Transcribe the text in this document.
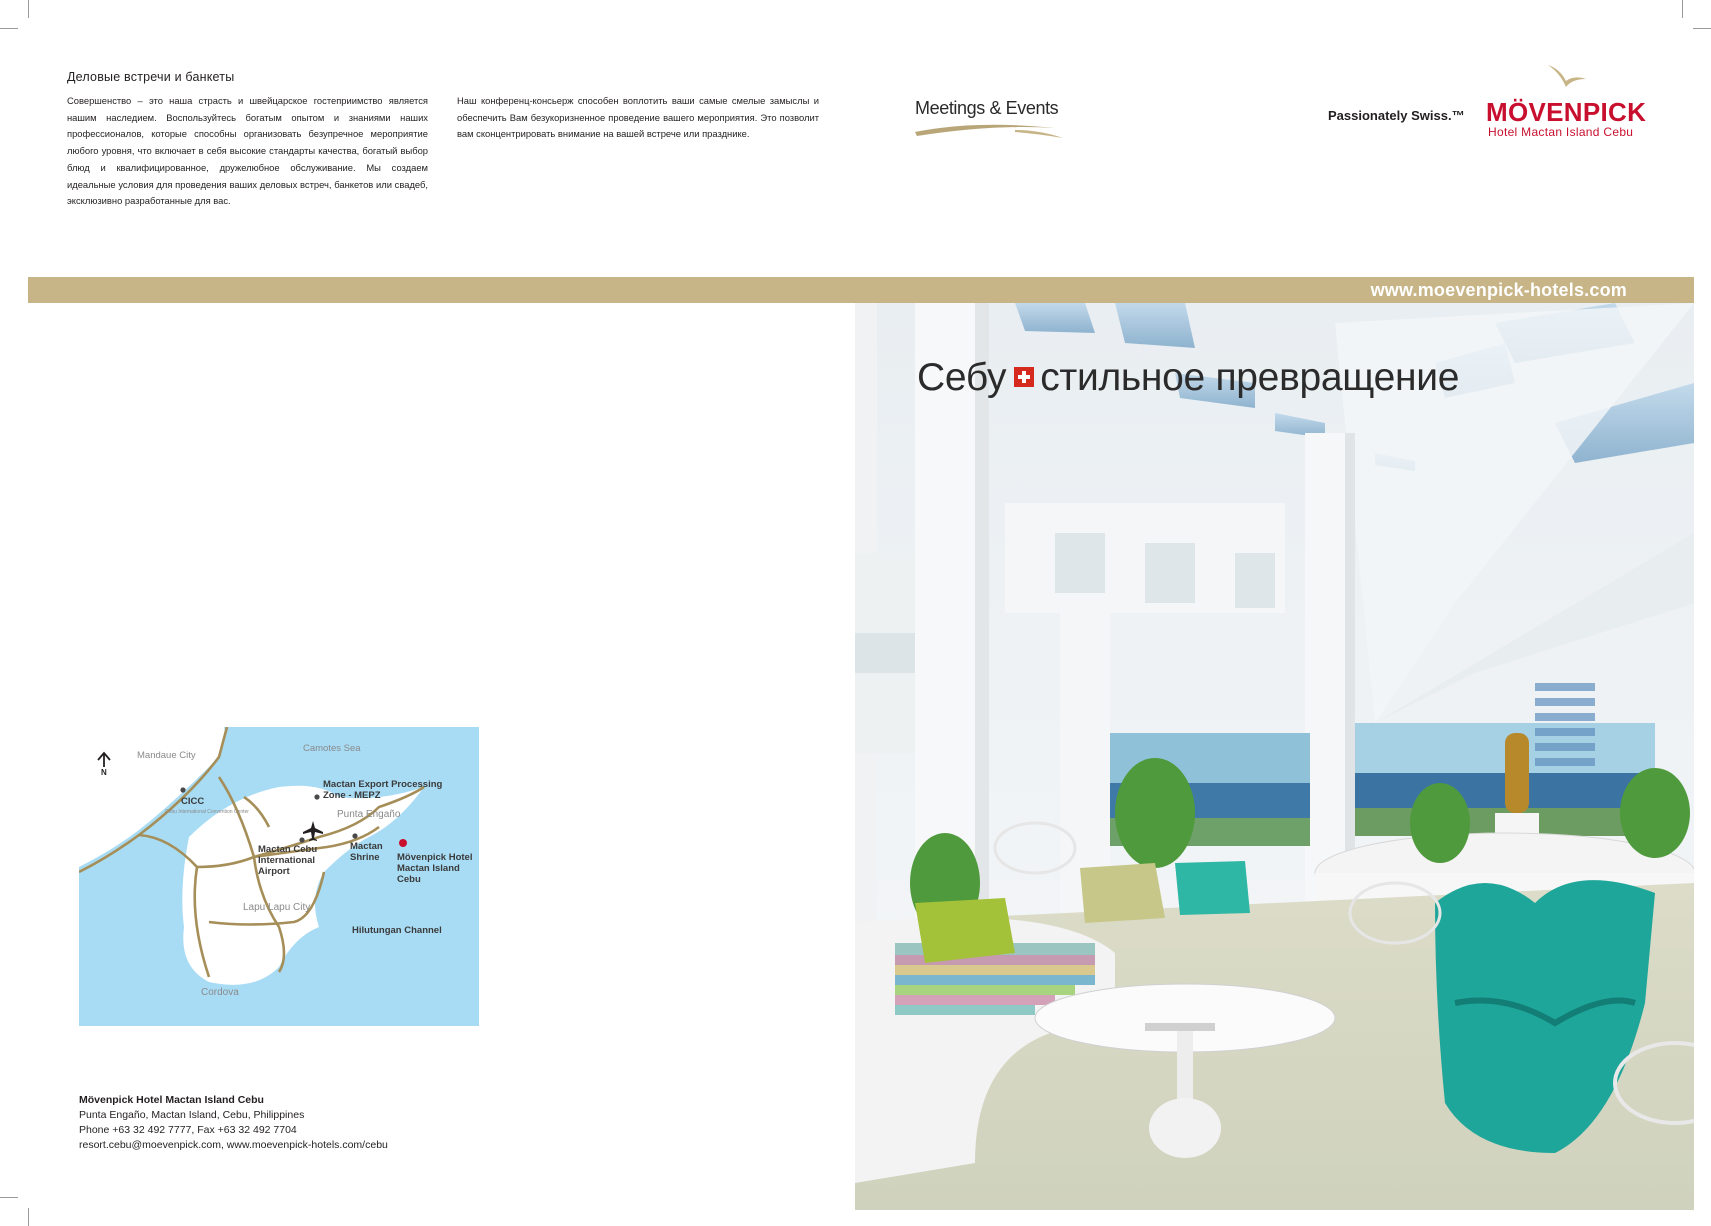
Деловые встречи и банкеты
Совершенство – это наша страсть и швейцарское гостеприимство является нашим наследием. Воспользуйтесь богатым опытом и знаниями наших профессионалов, которые способны организовать безупречное мероприятие любого уровня, что включает в себя высокие стандарты качества, богатый выбор блюд и квалифицированное, дружелюбное обслуживание. Мы создаем идеальные условия для проведения ваших деловых встреч, банкетов или свадеб, эксклюзивно разработанные для вас.
Наш конференц-консьерж способен воплотить ваши самые смелые замыслы и обеспечить Вам безукоризненное проведение вашего мероприятия. Это позволит вам сконцентрировать внимание на вашей встрече или празднике.
Meetings & Events	Passionately Swiss.™ MÖVENPICK
Hotel Mactan Island Cebu
www.moevenpick-hotels.com
N
Mandaue City
Camotes Sea
CICC
Cebu International Convention Center
Mactan Export Processing
Zone - MEPZ
Punta Engaño
Mactan Cebu
International
Airport
Mactan
Shrine Mövenpick Hotel
Mactan Island
Cebu
Lapu Lapu City
Hilutungan Channel
Cordova
Mövenpick Hotel Mactan Island Cebu
Punta Engaño, Mactan Island, Cebu, Philippines
Phone +63 32 492 7777, Fax +63 32 492 7704
resort.cebu@moevenpick.com, www.moevenpick-hotels.com/cebu
Себу стильное превращение
